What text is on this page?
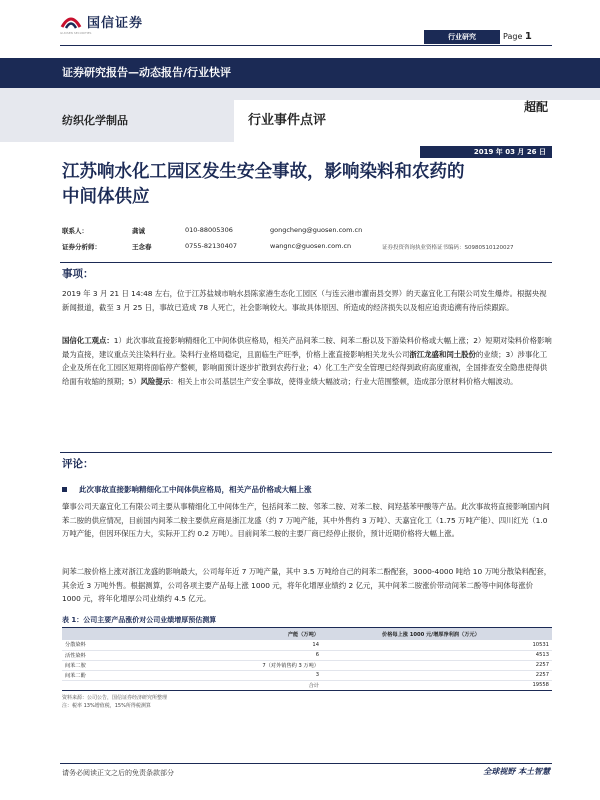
国信证券
GUOSEN SECURITIES	行业研究	Page 1
证券研究报告—动态报告/行业快评
纺织化学制品	行业事件点评
超配
2019 年 03 月 26 日
江苏响水化工园区发生安全事故，影响染料和农药的
中间体供应
联系人：	龚诚	010-88005306	gongcheng@guosen.com.cn
证券分析师：	王念春	0755-82130407	wangnc@guosen.com.cn	证券投资咨询执业资格证书编码：S0980510120027
事项：
2019 年 3 月 21 日 14:48 左右，位于江苏盐城市响水县陈家港生态化工园区（与连云港市灌南县交界）的天嘉宜化工有限公司发生爆炸。根据央视新闻报道，截至 3 月 25 日，事故已造成 78 人死亡，社会影响较大。事故具体原因、所造成的经济损失以及相应追责追溯有待后续跟踪。
国信化工观点：1）此次事故直接影响精细化工中间体供应格局，相关产品间苯二胺、间苯二酚以及下游染料价格或大幅上涨；2）短期对染料价格影响最为直接，建议重点关注染料行业。染料行业格局稳定，且面临生产旺季，价格上涨直接影响相关龙头公司浙江龙盛和闰土股份的业绩；3）涉事化工企业及所在化工园区短期将面临停产整顿，影响面预计逐步扩散到农药行业；4）化工生产安全管理已经得到政府高度重视，全国排查安全隐患使得供给面有收缩的预期；5）风险提示：相关上市公司基层生产安全事故，使得业绩大幅波动；行业大范围整顿，造成部分原材料价格大幅波动。
评论：
此次事故直接影响精细化工中间体供应格局，相关产品价格或大幅上涨
肇事公司天嘉宜化工有限公司主要从事精细化工中间体生产，包括间苯二胺、邻苯二胺、对苯二胺、间羟基苯甲酸等产品。此次事故将直接影响国内间苯二胺的供应情况，目前国内间苯二胺主要供应商是浙江龙盛（约 7 万吨产能，其中外售约 3 万吨）、天嘉宜化工（1.75 万吨产能）、四川红光（1.0 万吨产能，但因环保压力大，实际开工约 0.2 万吨）。目前间苯二胺的主要厂商已经停止报价，预计近期价格将大幅上涨。
间苯二胺价格上涨对浙江龙盛的影响最大，公司每年近 7 万吨产量，其中 3.5 万吨给自己的间苯二酚配套，3000-4000 吨给 10 万吨分散染料配套，其余近 3 万吨外售。根据测算，公司各项主要产品每上涨 1000 元，将年化增厚业绩约 2 亿元，其中间苯二胺涨价带动间苯二酚等中间体每涨价 1000 元，将年化增厚公司业绩约 4.5 亿元。
表 1：公司主要产品涨价对公司业绩增厚预估测算
	产能（万吨）	价格每上涨 1000 元/增厚净利润（万元）
分散染料	14	10531
活性染料	6	4513
间苯二胺	7（对外销售约 3 万吨）	2257
间苯二酚	3	2257
	合计	19558
资料来源：公司公告，国信证券经济研究所整理
注：税率 13%增值税，15%所得税测算
请务必阅读正文之后的免责条款部分	全球视野 本土智慧
